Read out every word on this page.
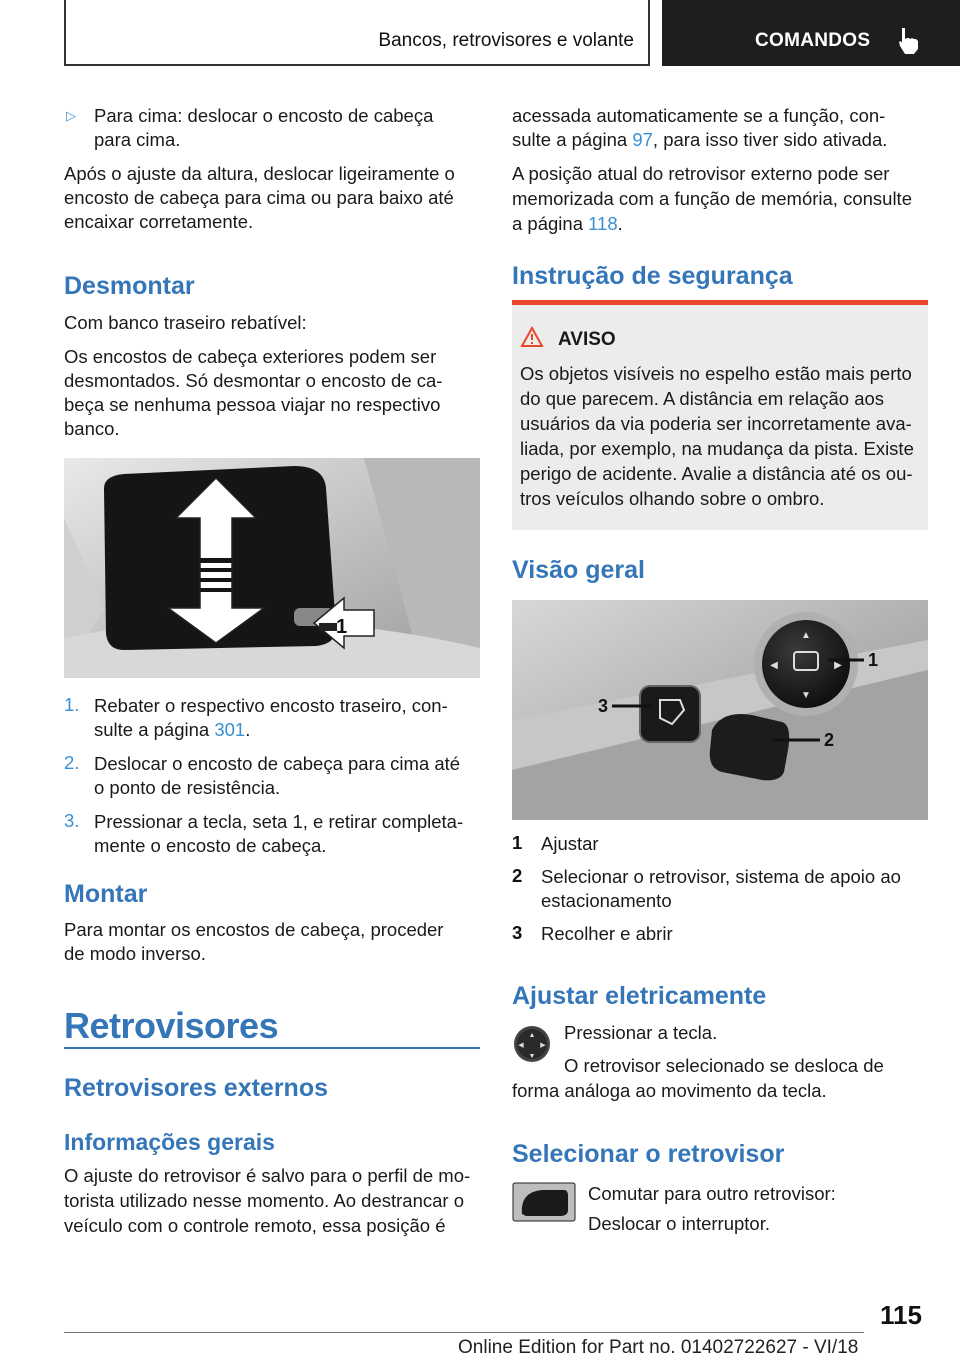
Bancos, retrovisores e volante	COMANDOS
▷ Para cima: deslocar o encosto de cabeça
para cima.
Após o ajuste da altura, deslocar ligeiramente o
encosto de cabeça para cima ou para baixo até
encaixar corretamente.
Desmontar
Com banco traseiro rebatível:
Os encostos de cabeça exteriores podem ser
desmontados. Só desmontar o encosto de ca-
beça se nenhuma pessoa viajar no respectivo
banco.
1
1. Rebater o respectivo encosto traseiro, con-
sulte a página 301.
2. Deslocar o encosto de cabeça para cima até
o ponto de resistência.
3. Pressionar a tecla, seta 1, e retirar completa-
mente o encosto de cabeça.
Montar
Para montar os encostos de cabeça, proceder
de modo inverso.
Retrovisores
Retrovisores externos
Informações gerais
O ajuste do retrovisor é salvo para o perfil de mo-
torista utilizado nesse momento. Ao destrancar o
veículo com o controle remoto, essa posição é
acessada automaticamente se a função, con-
sulte a página 97, para isso tiver sido ativada.
A posição atual do retrovisor externo pode ser
memorizada com a função de memória, consulte
a página 118.
Instrução de segurança
AVISO
Os objetos visíveis no espelho estão mais perto
do que parecem. A distância em relação aos
usuários da via poderia ser incorretamente ava-
liada, por exemplo, na mudança da pista. Existe
perigo de acidente. Avalie a distância até os ou-
tros veículos olhando sobre o ombro.
Visão geral
▲
▼
◀	▶ 1
2
3
1 Ajustar
2 Selecionar o retrovisor, sistema de apoio ao
estacionamento
3 Recolher e abrir
Ajustar eletricamente
▲
▼
◀ ▶
Pressionar a tecla.
O retrovisor selecionado se desloca de
forma análoga ao movimento da tecla.
Selecionar o retrovisor
Comutar para outro retrovisor:
Deslocar o interruptor.
115
Online Edition for Part no. 01402722627 - VI/18
